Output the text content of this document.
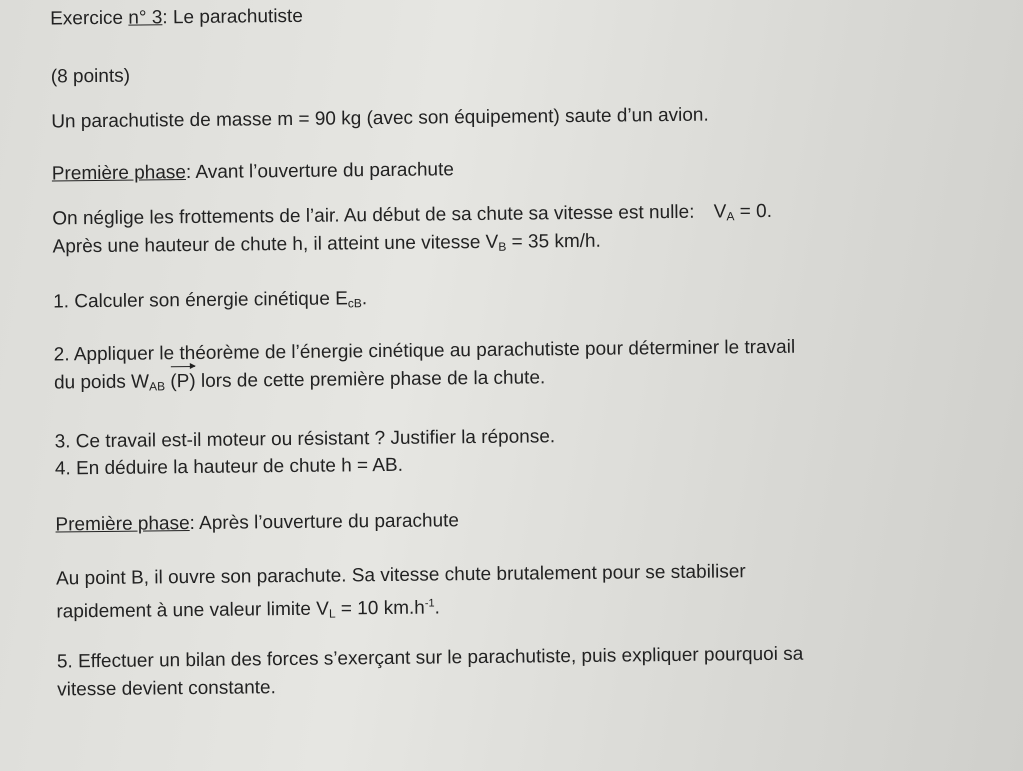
Exercice n° 3: Le parachutiste
(8 points)
Un parachutiste de masse m = 90 kg (avec son équipement) saute d’un avion.
Première phase: Avant l’ouverture du parachute
On néglige les frottements de l’air. Au début de sa chute sa vitesse est nulle: $V_A = 0$.
Après une hauteur de chute h, il atteint une vitesse $V_B = 35$ km/h.
1. Calculer son énergie cinétique $E_{cB}$.
2. Appliquer le théorème de l’énergie cinétique au parachutiste pour déterminer le travail
du poids $W_{AB}$ (P) lors de cette première phase de la chute.
3. Ce travail est-il moteur ou résistant ? Justifier la réponse.
4. En déduire la hauteur de chute h = AB.
Première phase: Après l’ouverture du parachute
Au point B, il ouvre son parachute. Sa vitesse chute brutalement pour se stabiliser
rapidement à une valeur limite $V_L = 10$ $km.h^{-1}$.
5. Effectuer un bilan des forces s’exerçant sur le parachutiste, puis expliquer pourquoi sa
vitesse devient constante.
